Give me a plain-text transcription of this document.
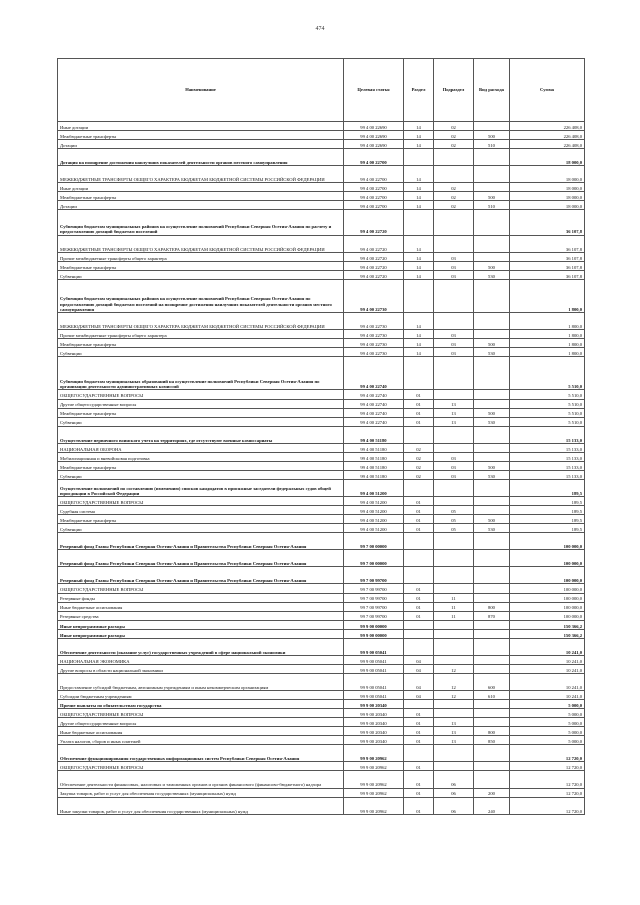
474
Наименование	Целевая статья	Раздел	Подраздел	Вид расхода	Сумма
Иные дотации	99 4 00 22690	14	02		226 408,0
Межбюджетные трансферты	99 4 00 22690	14	02	500	226 408,0
Дотации	99 4 00 22690	14	02	510	226 408,0
Дотация на поощрение достижения наилучших показателей деятельности органов местного самоуправления	99 4 00 22700				18 000,0
МЕЖБЮДЖЕТНЫЕ ТРАНСФЕРТЫ ОБЩЕГО ХАРАКТЕРА БЮДЖЕТАМ БЮДЖЕТНОЙ СИСТЕМЫ РОССИЙСКОЙ ФЕДЕРАЦИИ	99 4 00 22700	14			18 000,0
Иные дотации	99 4 00 22700	14	02		18 000,0
Межбюджетные трансферты	99 4 00 22700	14	02	500	18 000,0
Дотации	99 4 00 22700	14	02	510	18 000,0
Субвенции бюджетам муниципальных районов на осуществление полномочий Республики Северная Осетия-Алания по расчету и предоставлению дотаций бюджетам поселений	99 4 00 22720				36 107,8
МЕЖБЮДЖЕТНЫЕ ТРАНСФЕРТЫ ОБЩЕГО ХАРАКТЕРА БЮДЖЕТАМ БЮДЖЕТНОЙ СИСТЕМЫ РОССИЙСКОЙ ФЕДЕРАЦИИ	99 4 00 22720	14			36 107,8
Прочие межбюджетные трансферты общего характера	99 4 00 22720	14	03		36 107,8
Межбюджетные трансферты	99 4 00 22720	14	03	500	36 107,8
Субвенции	99 4 00 22720	14	03	530	36 107,8
Субвенции бюджетам муниципальных районов на осуществление полномочий Республики Северная Осетия-Алания по предоставлению дотаций бюджетам поселений на поощрение достижения наилучших показателей деятельности органов местного самоуправления	99 4 00 22730				1 800,0
МЕЖБЮДЖЕТНЫЕ ТРАНСФЕРТЫ ОБЩЕГО ХАРАКТЕРА БЮДЖЕТАМ БЮДЖЕТНОЙ СИСТЕМЫ РОССИЙСКОЙ ФЕДЕРАЦИИ	99 4 00 22730	14			1 800,0
Прочие межбюджетные трансферты общего характера	99 4 00 22730	14	03		1 800,0
Межбюджетные трансферты	99 4 00 22730	14	03	500	1 800,0
Субвенции	99 4 00 22730	14	03	530	1 800,0
Субвенции бюджетам муниципальных образований на осуществление полномочий Республики Северная Осетия-Алания по организации деятельности административных комиссий	99 4 00 22740				5 510,0
ОБЩЕГОСУДАРСТВЕННЫЕ ВОПРОСЫ	99 4 00 22740	01			5 510,0
Другие общегосударственные вопросы	99 4 00 22740	01	13		5 510,0
Межбюджетные трансферты	99 4 00 22740	01	13	500	5 510,0
Субвенции	99 4 00 22740	01	13	530	5 510,0
Осуществление первичного воинского учета на территориях, где отсутствуют военные комиссариаты	99 4 00 51180				15 133,0
НАЦИОНАЛЬНАЯ ОБОРОНА	99 4 00 51180	02			15 133,0
Мобилизационная и вневойсковая подготовка	99 4 00 51180	02	03		15 133,0
Межбюджетные трансферты	99 4 00 51180	02	03	500	15 133,0
Субвенции	99 4 00 51180	02	03	530	15 133,0
Осуществление полномочий по составлению (изменению) списков кандидатов в присяжные заседатели федеральных судов общей юрисдикции в Российской Федерации	99 4 00 51200				189,5
ОБЩЕГОСУДАРСТВЕННЫЕ ВОПРОСЫ	99 4 00 51200	01			189,5
Судебная система	99 4 00 51200	01	05		189,5
Межбюджетные трансферты	99 4 00 51200	01	05	500	189,5
Субвенции	99 4 00 51200	01	05	530	189,5
Резервный фонд Главы Республики Северная Осетия-Алания и Правительства Республики Северная Осетия-Алания	99 7 00 00000				100 000,0
Резервный фонд Главы Республики Северная Осетия-Алания и Правительства Республики Северная Осетия-Алания	99 7 00 00000				100 000,0
Резервный фонд Главы Республики Северная Осетия-Алания и Правительства Республики Северная Осетия-Алания	99 7 00 99700				100 000,0
ОБЩЕГОСУДАРСТВЕННЫЕ ВОПРОСЫ	99 7 00 99700	01			100 000,0
Резервные фонды	99 7 00 99700	01	11		100 000,0
Иные бюджетные ассигнования	99 7 00 99700	01	11	800	100 000,0
Резервные средства	99 7 00 99700	01	11	870	100 000,0
Иные непрограммные расходы	99 9 00 00000				150 366,2
Иные непрограммные расходы	99 9 00 00000				150 366,2
Обеспечение деятельности (оказание услуг) государственных учреждений в сфере национальной экономики	99 9 00 05041				10 241,0
НАЦИОНАЛЬНАЯ ЭКОНОМИКА	99 9 00 05041	04			10 241,0
Другие вопросы в области национальной экономики	99 9 00 05041	04	12		10 241,0
Предоставление субсидий бюджетным, автономным учреждениям и иным некоммерческим организациям	99 9 00 05041	04	12	600	10 241,0
Субсидии бюджетным учреждениям	99 9 00 05041	04	12	610	10 241,0
Прочие выплаты по обязательствам государства	99 9 00 20340				5 000,0
ОБЩЕГОСУДАРСТВЕННЫЕ ВОПРОСЫ	99 9 00 20340	01			5 000,0
Другие общегосударственные вопросы	99 9 00 20340	01	13		5 000,0
Иные бюджетные ассигнования	99 9 00 20340	01	13	800	5 000,0
Уплата налогов, сборов и иных платежей	99 9 00 20340	01	13	850	5 000,0
Обеспечение функционирования государственных информационных систем Республики Северная Осетия-Алания	99 9 00 20962				12 720,0
ОБЩЕГОСУДАРСТВЕННЫЕ ВОПРОСЫ	99 9 00 20962	01			12 720,0
Обеспечение деятельности финансовых, налоговых и таможенных органов и органов финансового (финансово-бюджетного) надзора	99 9 00 20962	01	06		12 720,0
Закупка товаров, работ и услуг для обеспечения государственных (муниципальных) нужд	99 9 00 20962	01	06	200	12 720,0
Иные закупки товаров, работ и услуг для обеспечения государственных (муниципальных) нужд	99 9 00 20962	01	06	240	12 720,0
